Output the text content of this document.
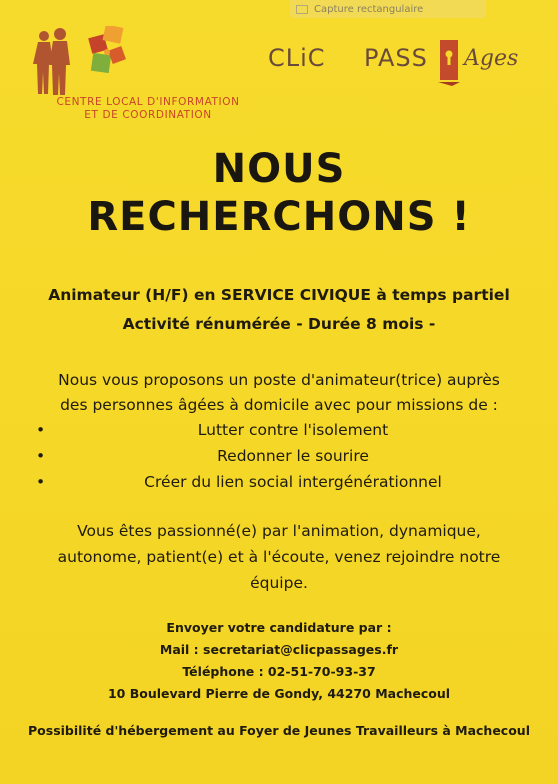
Capture rectangulaire
CENTRE LOCAL D'INFORMATION
ET DE COORDINATION
CLiC PASS Ages
NOUS
RECHERCHONS !
Animateur (H/F) en SERVICE CIVIQUE à temps partiel
Activité rénumérée - Durée 8 mois -
Nous vous proposons un poste d'animateur(trice) auprès
des personnes âgées à domicile avec pour missions de :
•	Lutter contre l'isolement
•	Redonner le sourire
•	Créer du lien social intergénérationnel
Vous êtes passionné(e) par l'animation, dynamique,
autonome, patient(e) et à l'écoute, venez rejoindre notre
équipe.
Envoyer votre candidature par :
Mail : secretariat@clicpassages.fr
Téléphone : 02-51-70-93-37
10 Boulevard Pierre de Gondy, 44270 Machecoul
Possibilité d'hébergement au Foyer de Jeunes Travailleurs à Machecoul
